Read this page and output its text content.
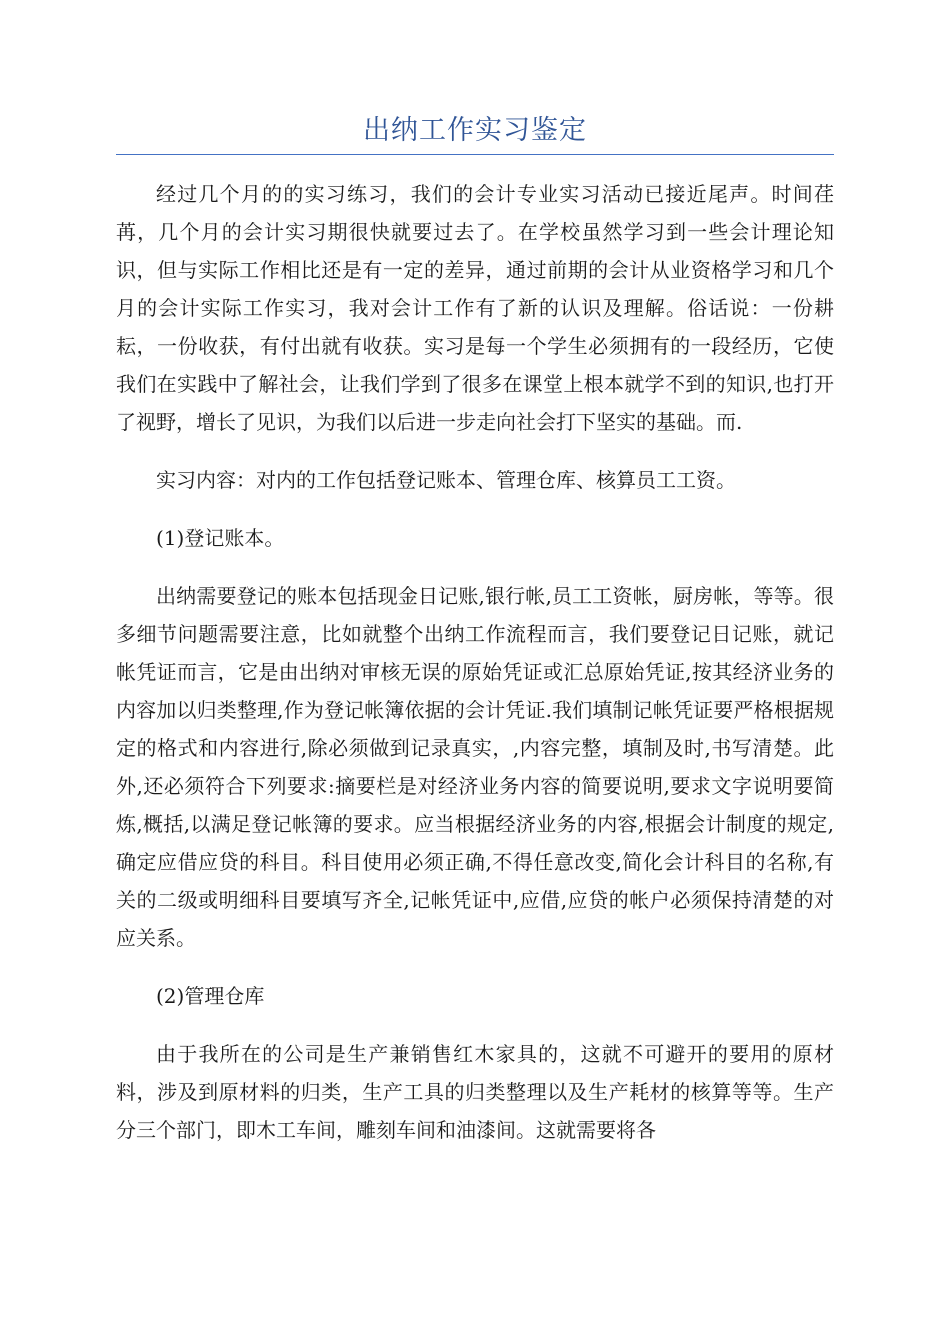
出纳工作实习鉴定

经过几个月的的实习练习，我们的会计专业实习活动已接近尾声。时间荏苒，几个月的会计实习期很快就要过去了。在学校虽然学习到一些会计理论知识，但与实际工作相比还是有一定的差异，通过前期的会计从业资格学习和几个月的会计实际工作实习，我对会计工作有了新的认识及理解。俗话说：一份耕耘，一份收获，有付出就有收获。实习是每一个学生必须拥有的一段经历，它使我们在实践中了解社会，让我们学到了很多在课堂上根本就学不到的知识,也打开了视野，增长了见识，为我们以后进一步走向社会打下坚实的基础。而.

实习内容：对内的工作包括登记账本、管理仓库、核算员工工资。

(1)登记账本。

出纳需要登记的账本包括现金日记账,银行帐,员工工资帐，厨房帐，等等。很多细节问题需要注意，比如就整个出纳工作流程而言，我们要登记日记账，就记帐凭证而言，它是由出纳对审核无误的原始凭证或汇总原始凭证,按其经济业务的内容加以归类整理,作为登记帐簿依据的会计凭证.我们填制记帐凭证要严格根据规定的格式和内容进行,除必须做到记录真实，,内容完整，填制及时,书写清楚。此外,还必须符合下列要求:摘要栏是对经济业务内容的简要说明,要求文字说明要简炼,概括,以满足登记帐簿的要求。应当根据经济业务的内容,根据会计制度的规定,确定应借应贷的科目。科目使用必须正确,不得任意改变,简化会计科目的名称,有关的二级或明细科目要填写齐全,记帐凭证中,应借,应贷的帐户必须保持清楚的对应关系。

(2)管理仓库

由于我所在的公司是生产兼销售红木家具的，这就不可避开的要用的原材料，涉及到原材料的归类，生产工具的归类整理以及生产耗材的核算等等。生产分三个部门，即木工车间，雕刻车间和油漆间。这就需要将各
